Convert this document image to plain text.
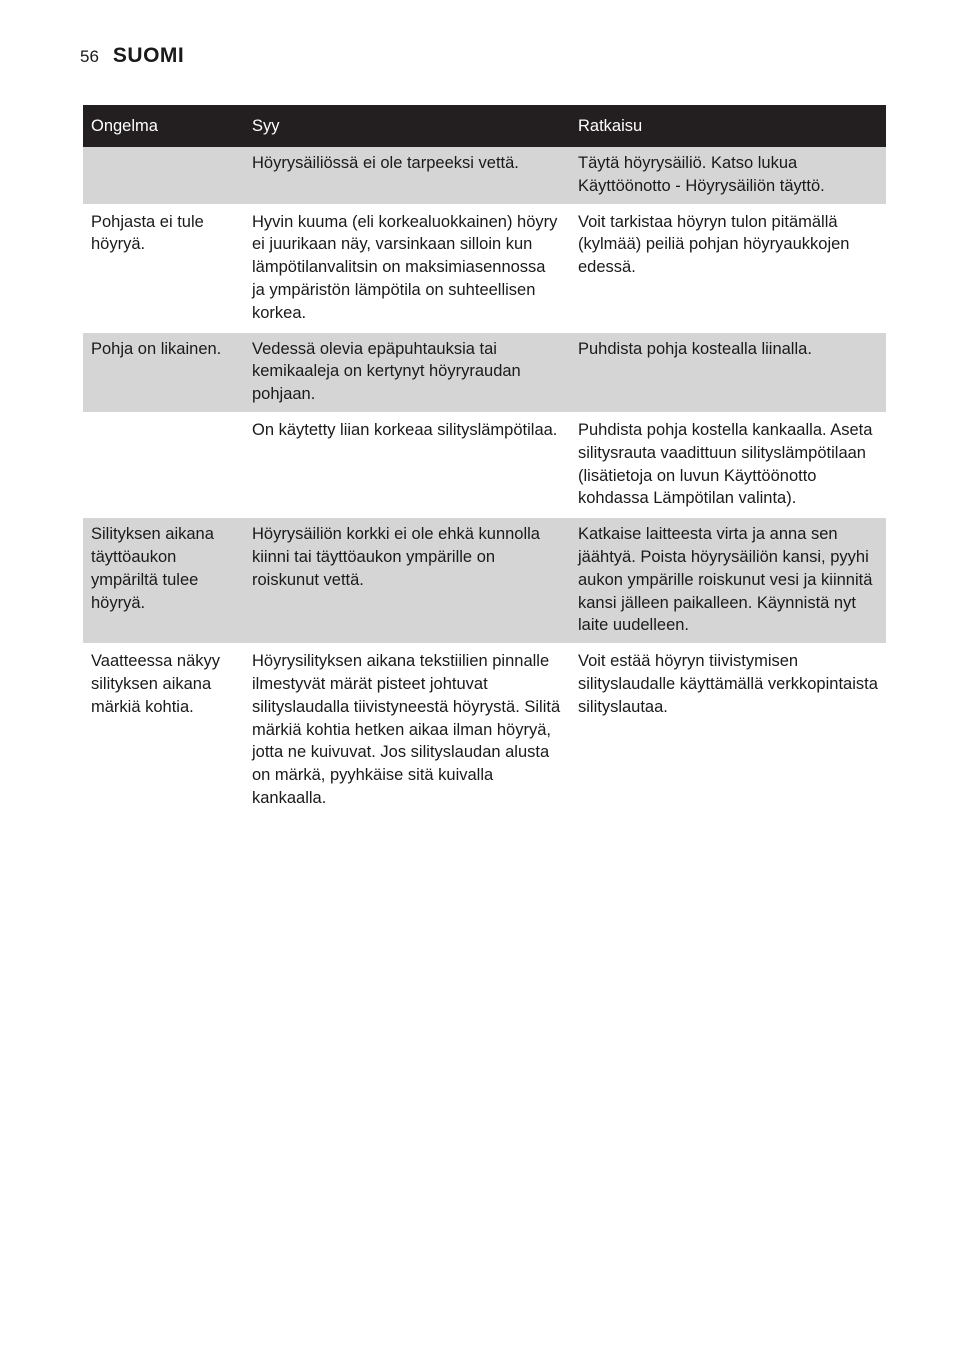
56 SUOMI
Ongelma	Syy	Ratkaisu
	Höyrysäiliössä ei ole tarpeeksi vettä.	Täytä höyrysäiliö. Katso lukua Käyttöönotto - Höyrysäiliön täyttö.
Pohjasta ei tule höyryä.	Hyvin kuuma (eli korkealuokkainen) höyry ei juurikaan näy, varsinkaan silloin kun lämpötilanvalitsin on maksimiasennossa ja ympäristön lämpötila on suhteellisen korkea.	Voit tarkistaa höyryn tulon pitämällä (kylmää) peiliä pohjan höyryaukkojen edessä.
Pohja on likainen.	Vedessä olevia epäpuhtauksia tai kemikaaleja on kertynyt höyryraudan pohjaan.	Puhdista pohja kostealla liinalla.
	On käytetty liian korkeaa silityslämpötilaa.	Puhdista pohja kostella kankaalla. Aseta silitysrauta vaadittuun silityslämpötilaan (lisätietoja on luvun Käyttöönotto kohdassa Lämpötilan valinta).
Silityksen aikana täyttöaukon ympäriltä tulee höyryä.	Höyrysäiliön korkki ei ole ehkä kunnolla kiinni tai täyttöaukon ympärille on roiskunut vettä.	Katkaise laitteesta virta ja anna sen jäähtyä. Poista höyrysäiliön kansi, pyyhi aukon ympärille roiskunut vesi ja kiinnitä kansi jälleen paikalleen. Käynnistä nyt laite uudelleen.
Vaatteessa näkyy silityksen aikana märkiä kohtia.	Höyrysilityksen aikana tekstiilien pinnalle ilmestyvät märät pisteet johtuvat silityslaudalla tiivistyneestä höyrystä. Silitä märkiä kohtia hetken aikaa ilman höyryä, jotta ne kuivuvat. Jos silityslaudan alusta on märkä, pyyhkäise sitä kuivalla kankaalla.	Voit estää höyryn tiivistymisen silityslaudalle käyttämällä verkkopintaista silityslautaa.
